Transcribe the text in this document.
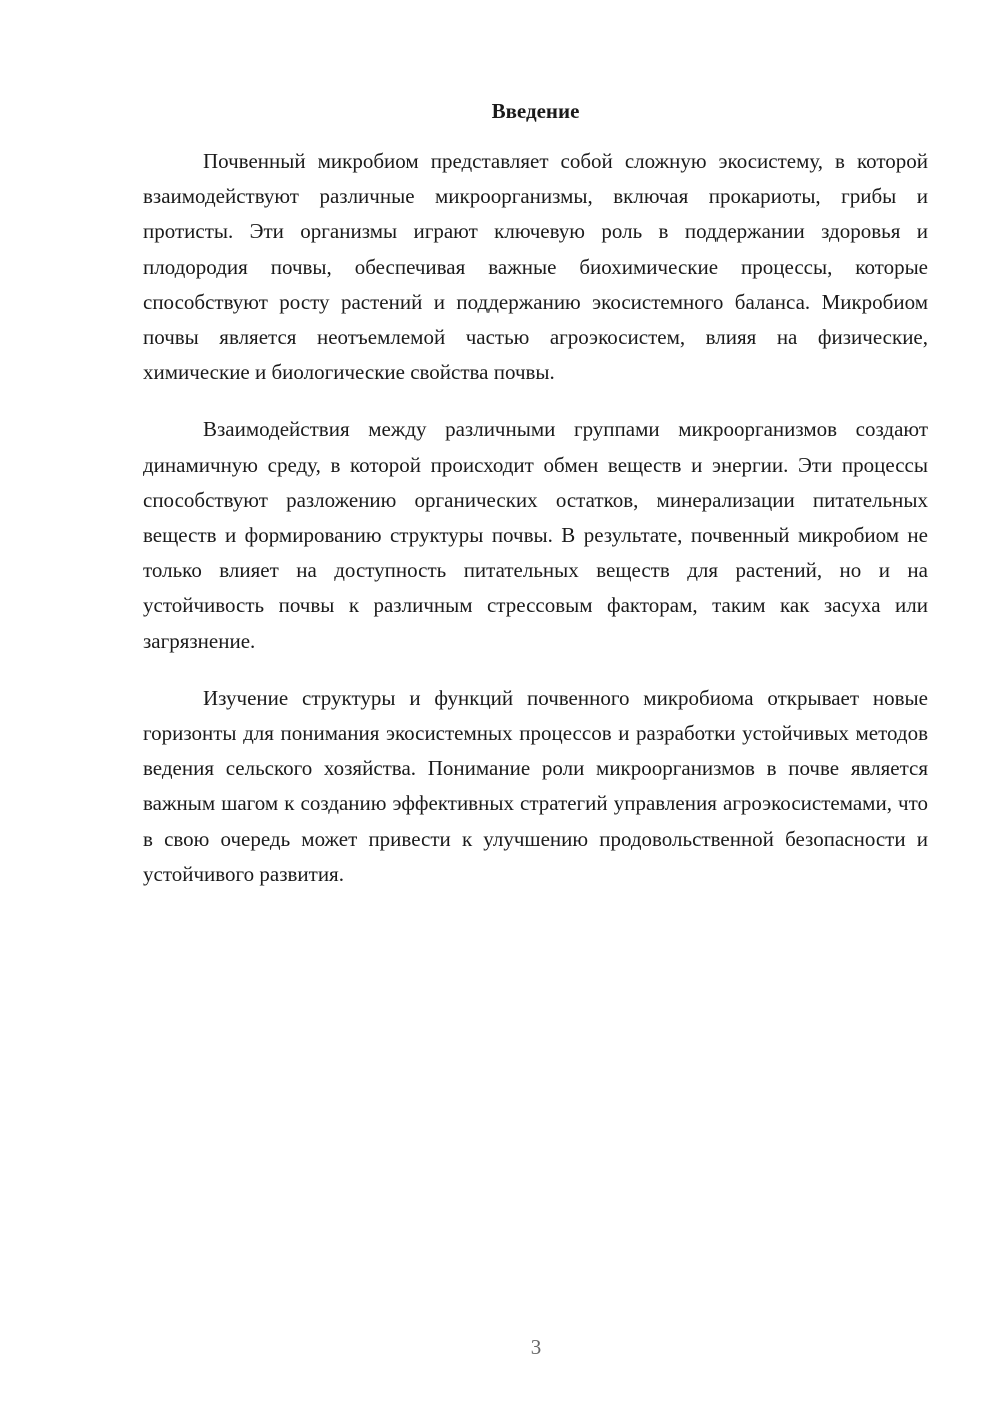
Введение

Почвенный микробиом представляет собой сложную экосистему, в которой взаимодействуют различные микроорганизмы, включая прокариоты, грибы и протисты. Эти организмы играют ключевую роль в поддержании здоровья и плодородия почвы, обеспечивая важные биохимические процессы, которые способствуют росту растений и поддержанию экосистемного баланса. Микробиом почвы является неотъемлемой частью агроэкосистем, влияя на физические, химические и биологические свойства почвы.

Взаимодействия между различными группами микроорганизмов создают динамичную среду, в которой происходит обмен веществ и энергии. Эти процессы способствуют разложению органических остатков, минерализации питательных веществ и формированию структуры почвы. В результате, почвенный микробиом не только влияет на доступность питательных веществ для растений, но и на устойчивость почвы к различным стрессовым факторам, таким как засуха или загрязнение.

Изучение структуры и функций почвенного микробиома открывает новые горизонты для понимания экосистемных процессов и разработки устойчивых методов ведения сельского хозяйства. Понимание роли микроорганизмов в почве является важным шагом к созданию эффективных стратегий управления агроэкосистемами, что в свою очередь может привести к улучшению продовольственной безопасности и устойчивого развития.

3
